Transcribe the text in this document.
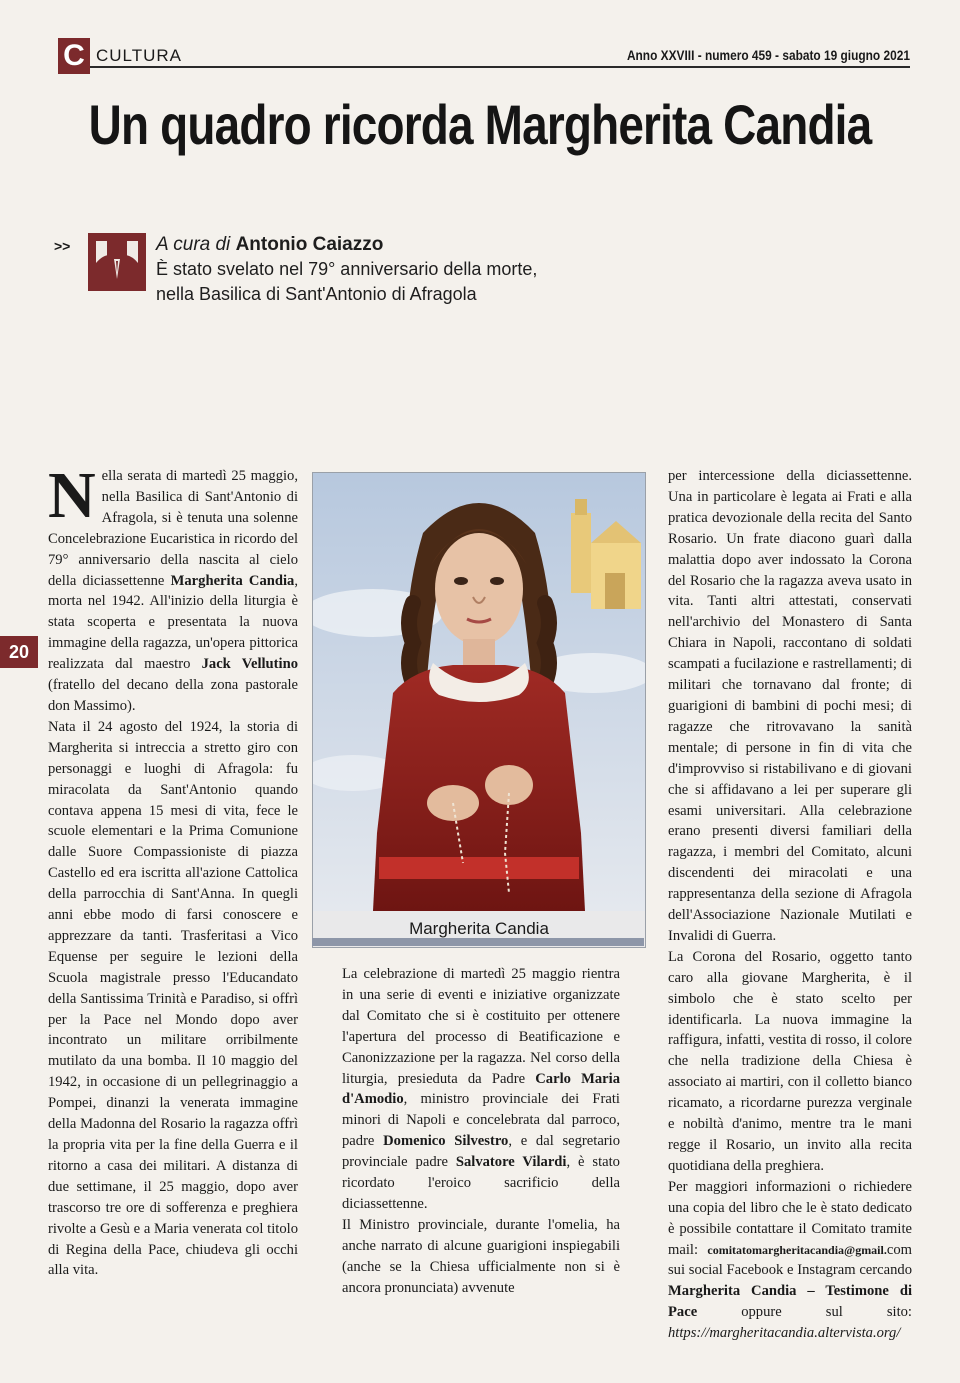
C CULTURA	Anno XXVIII - numero 459 - sabato 19 giugno 2021
Un quadro ricorda Margherita Candia
>>	A cura di Antonio Caiazzo
È stato svelato nel 79° anniversario della morte,
nella Basilica di Sant'Antonio di Afragola
20

Nella serata di martedì 25 maggio, nella Basilica di Sant'Antonio di Afragola, si è tenuta una solenne Concelebrazione Eucaristica in ricordo del 79° anniversario della nascita al cielo della diciassettenne Margherita Candia, morta nel 1942. All'inizio della liturgia è stata scoperta e presentata la nuova immagine della ragazza, un'opera pittorica realizzata dal maestro Jack Vellutino (fratello del decano della zona pastorale don Massimo).

Nata il 24 agosto del 1924, la storia di Margherita si intreccia a stretto giro con personaggi e luoghi di Afragola: fu miracolata da Sant'Antonio quando contava appena 15 mesi di vita, fece le scuole elementari e la Prima Comunione dalle Suore Compassioniste di piazza Castello ed era iscritta all'azione Cattolica della parrocchia di Sant'Anna. In quegli anni ebbe modo di farsi conoscere e apprezzare da tanti. Trasferitasi a Vico Equense per seguire le lezioni della Scuola magistrale presso l'Educandato della Santissima Trinità e Paradiso, si offrì per la Pace nel Mondo dopo aver incontrato un militare orribilmente mutilato da una bomba. Il 10 maggio del 1942, in occasione di un pellegrinaggio a Pompei, dinanzi la venerata immagine della Madonna del Rosario la ragazza offrì la propria vita per la fine della Guerra e il ritorno a casa dei militari. A distanza di due settimane, il 25 maggio, dopo aver trascorso tre ore di sofferenza e preghiera rivolte a Gesù e a Maria venerata col titolo di Regina della Pace, chiudeva gli occhi alla vita.

Margherita Candia

La celebrazione di martedì 25 maggio rientra in una serie di eventi e iniziative organizzate dal Comitato che si è costituito per ottenere l'apertura del processo di Beatificazione e Canonizzazione per la ragazza. Nel corso della liturgia, presieduta da Padre Carlo Maria d'Amodio, ministro provinciale dei Frati minori di Napoli e concelebrata dal parroco, padre Domenico Silvestro, e dal segretario provinciale padre Salvatore Vilardi, è stato ricordato l'eroico sacrificio della diciassettenne.

Il Ministro provinciale, durante l'omelia, ha anche narrato di alcune guarigioni inspiegabili (anche se la Chiesa ufficialmente non si è ancora pronunciata) avvenute

per intercessione della diciassettenne. Una in particolare è legata ai Frati e alla pratica devozionale della recita del Santo Rosario. Un frate diacono guarì dalla malattia dopo aver indossato la Corona del Rosario che la ragazza aveva usato in vita. Tanti altri attestati, conservati nell'archivio del Monastero di Santa Chiara in Napoli, raccontano di soldati scampati a fucilazione e rastrellamenti; di militari che tornavano dal fronte; di guarigioni di bambini di pochi mesi; di ragazze che ritrovavano la sanità mentale; di persone in fin di vita che d'improvviso si ristabilivano e di giovani che si affidavano a lei per superare gli esami universitari. Alla celebrazione erano presenti diversi familiari della ragazza, i membri del Comitato, alcuni discendenti dei miracolati e una rappresentanza della sezione di Afragola dell'Associazione Nazionale Mutilati e Invalidi di Guerra.

La Corona del Rosario, oggetto tanto caro alla giovane Margherita, è il simbolo che è stato scelto per identificarla. La nuova immagine la raffigura, infatti, vestita di rosso, il colore che nella tradizione della Chiesa è associato ai martiri, con il colletto bianco ricamato, a ricordarne purezza verginale e nobiltà d'animo, mentre tra le mani regge il Rosario, un invito alla recita quotidiana della preghiera.

Per maggiori informazioni o richiedere una copia del libro che le è stato dedicato è possibile contattare il Comitato tramite mail: comitatomargheritacandia@gmail.com sui social Facebook e Instagram cercando Margherita Candia – Testimone di Pace oppure sul sito: https://margheritacandia.altervista.org/
